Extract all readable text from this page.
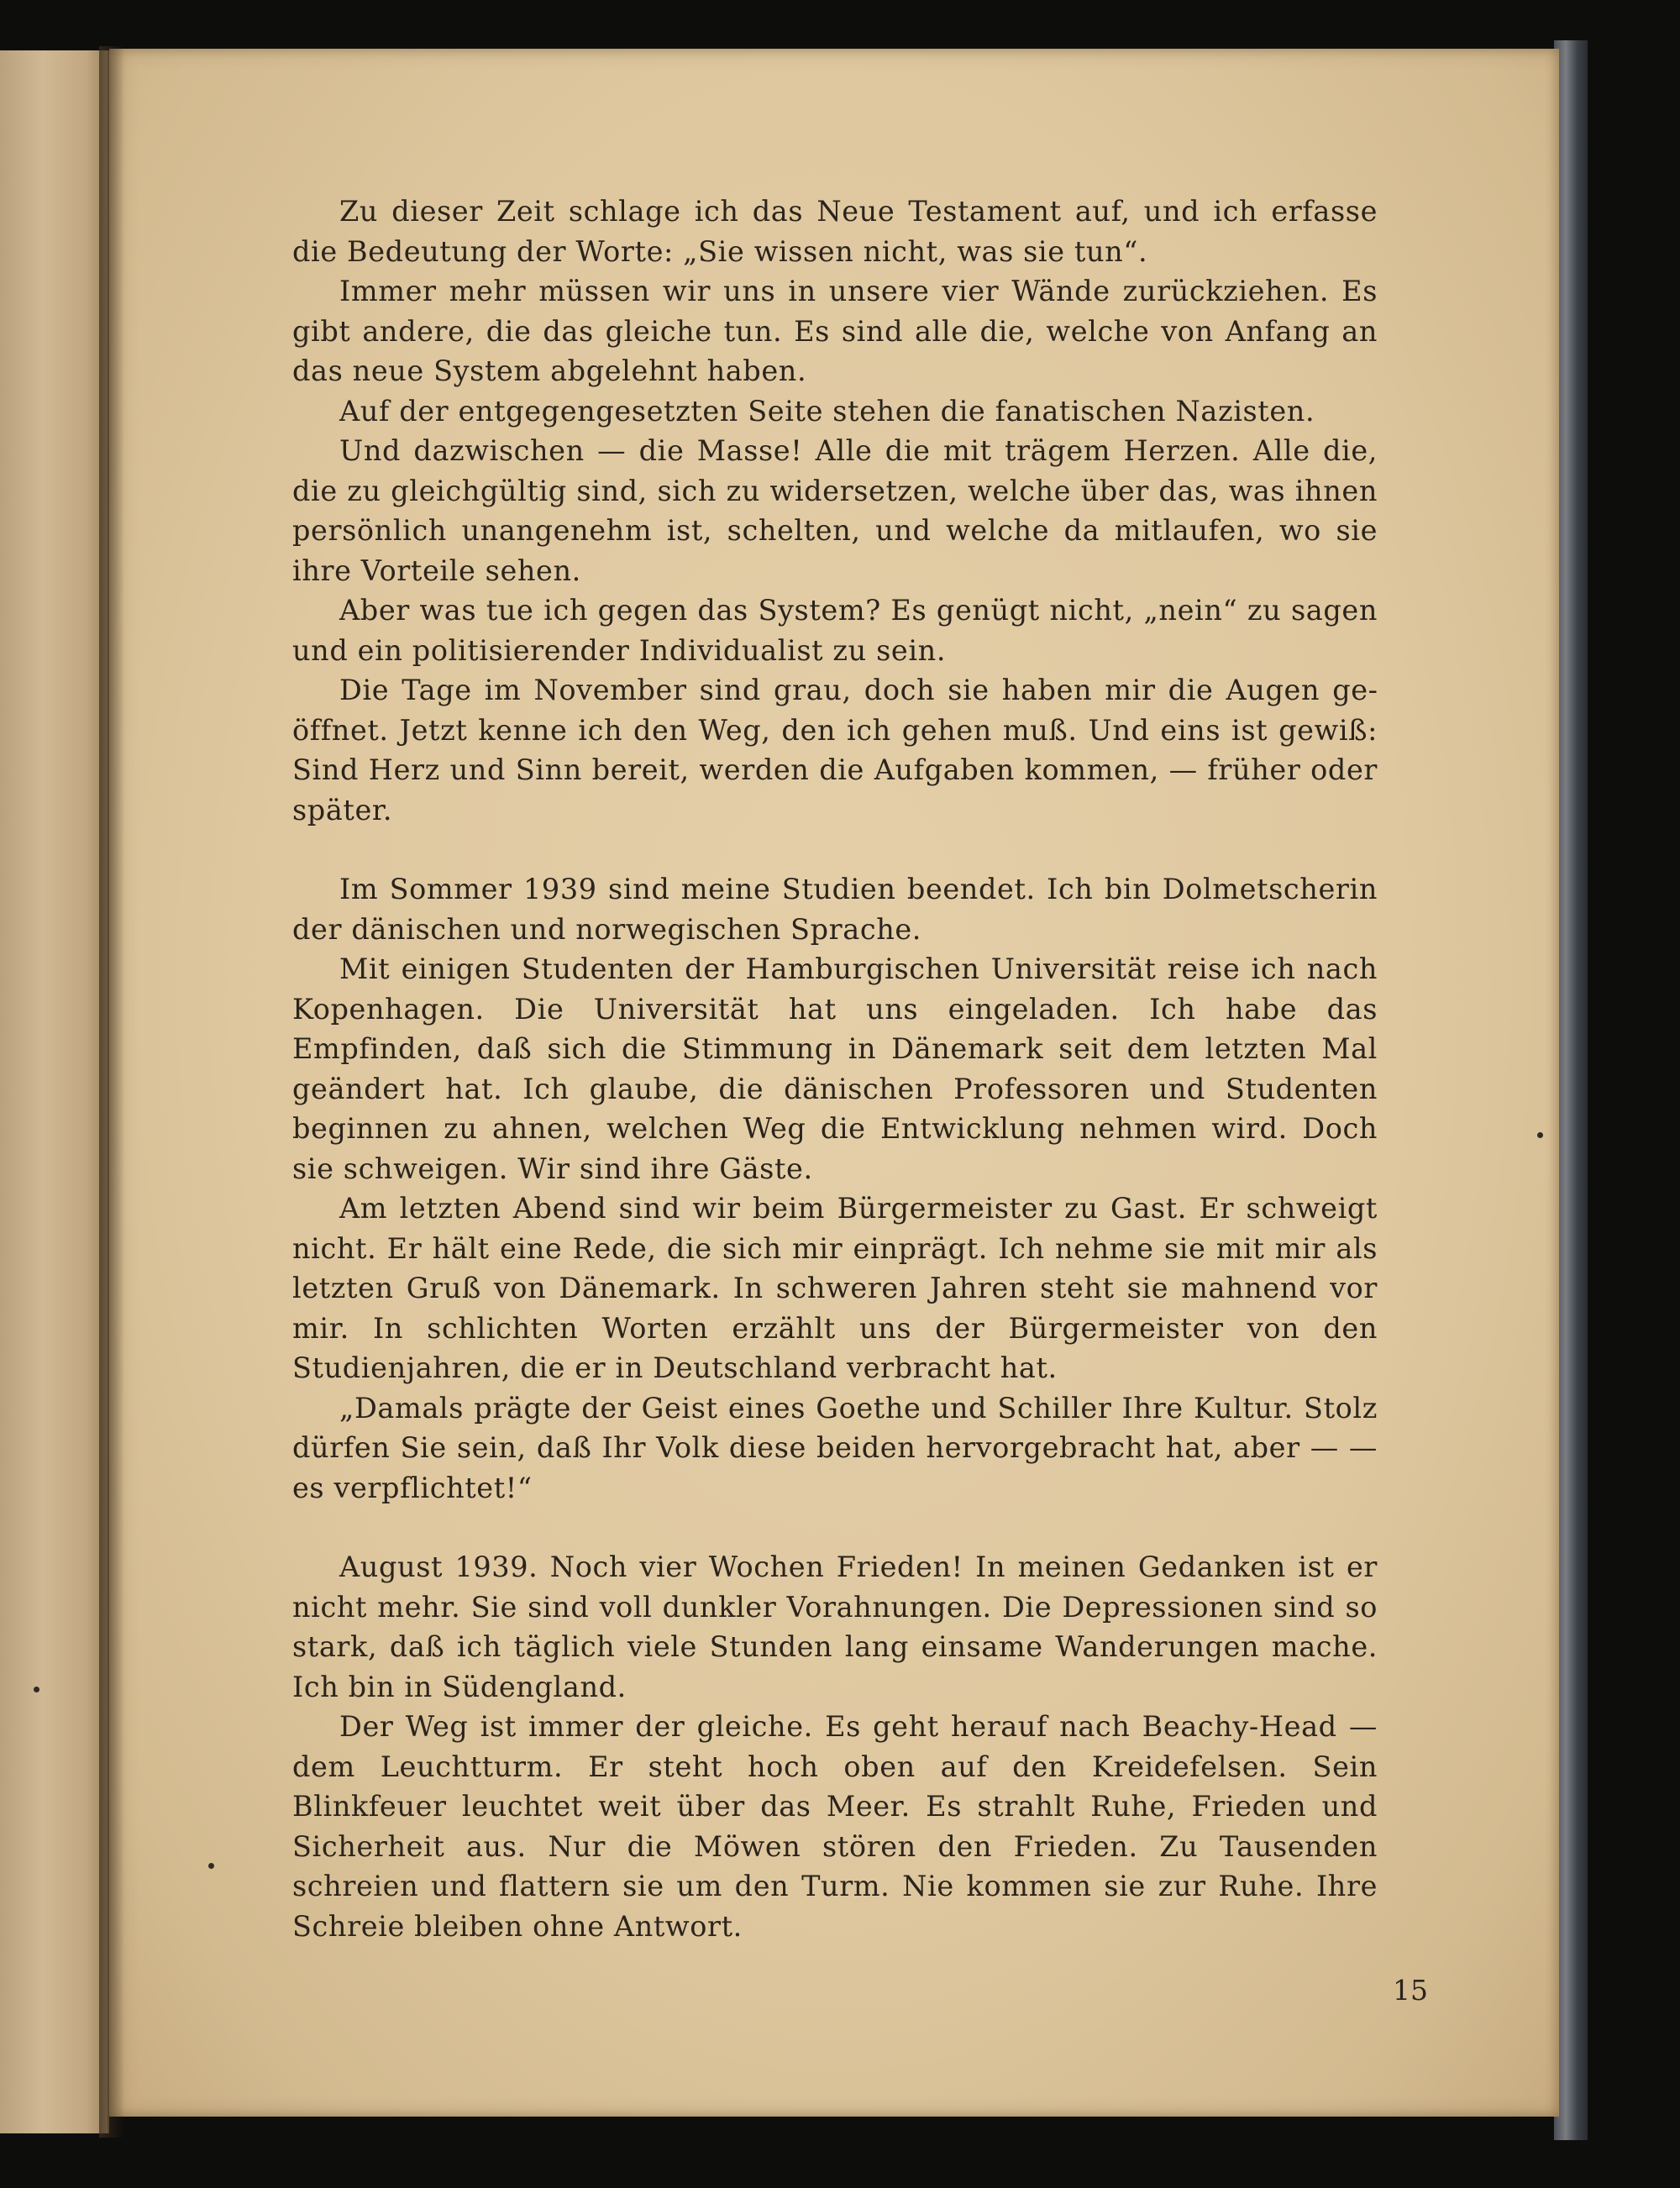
Zu dieser Zeit schlage ich das Neue Testament auf, und ich erfasse die Bedeutung der Worte: „Sie wissen nicht, was sie tun“.

Immer mehr müssen wir uns in unsere vier Wände zurückziehen. Es gibt andere, die das gleiche tun. Es sind alle die, welche von Anfang an das neue System abgelehnt haben.

Auf der entgegengesetzten Seite stehen die fanatischen Nazisten.

Und dazwischen — die Masse! Alle die mit trägem Herzen. Alle die, die zu gleichgültig sind, sich zu widersetzen, welche über das, was ihnen persönlich unangenehm ist, schelten, und welche da mitlaufen, wo sie ihre Vorteile sehen.

Aber was tue ich gegen das System? Es genügt nicht, „nein“ zu sagen und ein politisierender Individualist zu sein.

Die Tage im November sind grau, doch sie haben mir die Augen geöffnet. Jetzt kenne ich den Weg, den ich gehen muß. Und eins ist gewiß: Sind Herz und Sinn bereit, werden die Aufgaben kommen, — früher oder später.

Im Sommer 1939 sind meine Studien beendet. Ich bin Dolmetscherin der dänischen und norwegischen Sprache.

Mit einigen Studenten der Hamburgischen Universität reise ich nach Kopenhagen. Die Universität hat uns eingeladen. Ich habe das Empfinden, daß sich die Stimmung in Dänemark seit dem letzten Mal geändert hat. Ich glaube, die dänischen Professoren und Studenten beginnen zu ahnen, welchen Weg die Entwicklung nehmen wird. Doch sie schweigen. Wir sind ihre Gäste.

Am letzten Abend sind wir beim Bürgermeister zu Gast. Er schweigt nicht. Er hält eine Rede, die sich mir einprägt. Ich nehme sie mit mir als letzten Gruß von Dänemark. In schweren Jahren steht sie mahnend vor mir. In schlichten Worten erzählt uns der Bürgermeister von den Studienjahren, die er in Deutschland verbracht hat.

„Damals prägte der Geist eines Goethe und Schiller Ihre Kultur. Stolz dürfen Sie sein, daß Ihr Volk diese beiden hervorgebracht hat, aber — — es verpflichtet!“

August 1939. Noch vier Wochen Frieden! In meinen Gedanken ist er nicht mehr. Sie sind voll dunkler Vorahnungen. Die Depressionen sind so stark, daß ich täglich viele Stunden lang einsame Wanderungen mache. Ich bin in Südengland.

Der Weg ist immer der gleiche. Es geht herauf nach Beachy-Head — dem Leuchtturm. Er steht hoch oben auf den Kreidefelsen. Sein Blinkfeuer leuchtet weit über das Meer. Es strahlt Ruhe, Frieden und Sicherheit aus. Nur die Möwen stören den Frieden. Zu Tausenden schreien und flattern sie um den Turm. Nie kommen sie zur Ruhe. Ihre Schreie bleiben ohne Antwort.

15
